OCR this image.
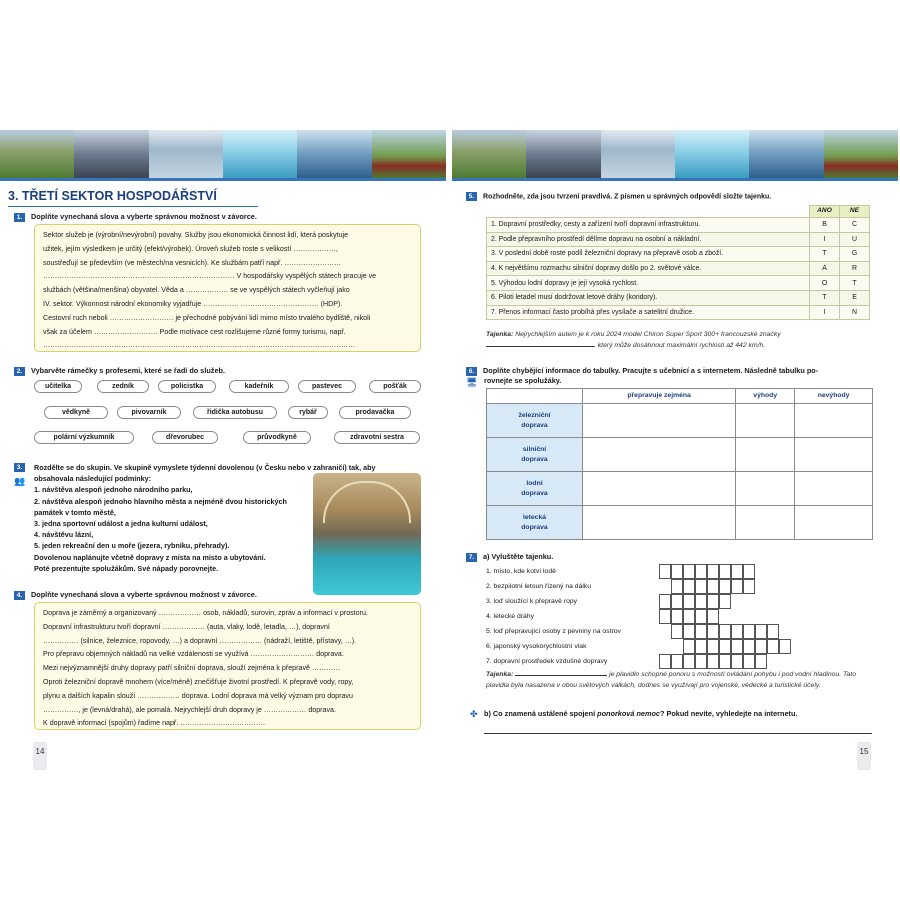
3. TŘETÍ SEKTOR HOSPODÁŘSTVÍ
1. Doplňte vynechaná slova a vyberte správnou možnost v závorce.
Sektor služeb je (výrobní/nevýrobní) povahy. Služby jsou ekonomická činnost lidí, která poskytuje
užitek, jejím výsledkem je určitý (efekt/výrobek). Úroveň služeb roste s velikostí ………………,
soustřeďují se především (ve městech/na vesnicích). Ke službám patří např. ……………………
……………………………………………………………………… V hospodářsky vyspělých státech pracuje ve
službách (většina/menšina) obyvatel. Věda a ……………… se ve vyspělých státech vyčleňují jako
IV. sektor. Výkonnost národní ekonomiky vyjadřuje …………… …………………………… (HDP).
Cestovní ruch neboli ……………………… je přechodné pobývání lidí mimo místo trvalého bydliště, nikoli
však za účelem ……………………… Podle motivace cest rozlišujeme různé formy turismu, např.
……………………………………………………………………………………………………………………
2. Vybarvěte rámečky s profesemi, které se řadí do služeb.
učitelka	zedník	policistka	kadeřník	pastevec	pošťák
vědkyně	pivovarník	řidička autobusu	rybář	prodavačka
polární výzkumník	dřevorubec	průvodkyně	zdravotní sestra
3.
👥
Rozdělte se do skupin. Ve skupině vymyslete týdenní dovolenou (v Česku nebo v zahraničí) tak, aby
obsahovala následující podmínky:
1. návštěva alespoň jednoho národního parku,
2. návštěva alespoň jednoho hlavního města a nejméně dvou historických
památek v tomto městě,
3. jedna sportovní událost a jedna kulturní událost,
4. návštěvu lázní,
5. jeden rekreační den u moře (jezera, rybníku, přehrady).
Dovolenou naplánujte včetně dopravy z místa na místo a ubytování.
Poté prezentujte spolužákům. Své nápady porovnejte.
4. Doplňte vynechaná slova a vyberte správnou možnost v závorce.
Doprava je záměrný a organizovaný ……………… osob, nákladů, surovin, zpráv a informací v prostoru.
Dopravní infrastrukturu tvoří dopravní ……………… (auta, vlaky, lodě, letadla, …), dopravní
…………… (silnice, železnice, ropovody, …) a dopravní ……………… (nádraží, letiště, přístavy, …).
Pro přepravu objemných nákladů na velké vzdálenosti se využívá ……………………… doprava.
Mezi nejvýznamnější druhy dopravy patří silniční doprava, slouží zejména k přepravě …………
Oproti železniční dopravě mnohem (více/méně) znečišťuje životní prostředí. K přepravě vody, ropy,
plynu a dalších kapalin slouží ……………… doprava. Lodní doprava má velký význam pro dopravu
……………, je (levná/drahá), ale pomalá. Nejrychlejší druh dopravy je ……………… doprava.
K dopravě informací (spojům) řadíme např. ………………………………
14
5. Rozhodněte, zda jsou tvrzení pravdivá. Z písmen u správných odpovědí složte tajenku.
	ANO	NE
1. Dopravní prostředky, cesty a zařízení tvoří dopravní infrastrukturu.	B	C
2. Podle přepravního prostředí dělíme dopravu na osobní a nákladní.	I	U
3. V poslední době roste podíl železniční dopravy na přepravě osob a zboží.	T	G
4. K největšímu rozmachu silniční dopravy došlo po 2. světové válce.	A	R
5. Výhodou lodní dopravy je její vysoká rychlost.	O	T
6. Piloti letadel musí dodržovat letové dráhy (koridory).	T	E
7. Přenos informací často probíhá přes vysílače a satelitní družice.	I	N
Tajenka: Nejrychlejším autem je k roku 2024 model Chiron Super Sport 300+ francouzské značky
, který může dosáhnout maximální rychlosti až 442 km/h.
6. Doplňte chybějící informace do tabulky. Pracujte s učebnicí a s internetem. Následně tabulku po-
rovnejte se spolužáky.
🖥
	přepravuje zejména	výhody	nevýhody
železniční
doprava			
silniční
doprava			
lodní
doprava			
letecká
doprava			
7. a) Vyluštěte tajenku.
1. místo, kde kotví lodě
2. bezpilotní letoun řízený na dálku
3. loď sloužící k přepravě ropy
4. letecké dráhy
5. loď přepravující osoby z pevniny na ostrov
6. japonský vysokorychlostní vlak
7. dopravní prostředek vzdušné dopravy
Tajenka:	je plavidlo schopné ponoru s možností ovládání pohybu i pod vodní hladinou. Tato plavidla byla nasazena v obou světových válkách, dodnes se využívají pro vojenské, vědecké a turistické účely.
✤ b) Co znamená ustálené spojení ponorková nemoc? Pokud nevíte, vyhledejte na internetu.
15
